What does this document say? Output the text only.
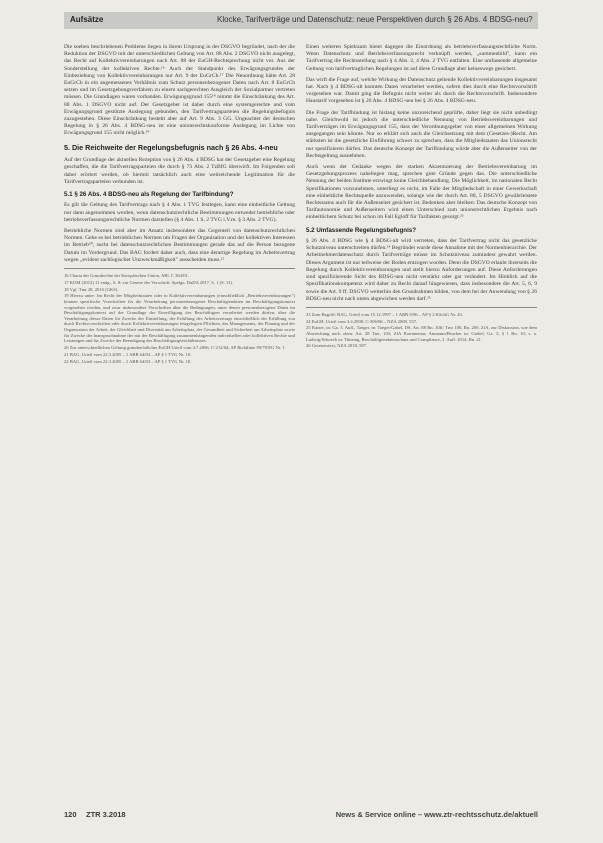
Aufsätze	Klocke, Tarifverträge und Datenschutz: neue Perspektiven durch § 26 Abs. 4 BDSG-neu?

Die soeben beschriebenen Probleme liegen in ihrem Ursprung in der DSGVO begründet, nach der die Reduktion der DSGVO mit der unterschiedlichen Geltung von Art. 88 Abs. 2 DSGVO nicht ausgelegt, das Recht auf Kollektivvereinbarungen nach Art. 88 der EuGH-Rechtsprechung nicht vor. Aus der Sonderstellung der kollektiven Rechte.¹⁶ Auch der Standpunkt des Erwägungsgrundes der Einbeziehung von Kollektivvereinbarungen nur Art. 9 der EuGrCh.¹⁷ Die Neuordnung hätte Art. 28 EuGrCh in ein angemessenes Verhältnis zum Schutz personenbezogener Daten nach Art. 8 EuGrCh setzen und im Gesetzgebungsverfahren zu einem sachgerechten Ausgleich der Sozialpartner vertreten müssen. Die Grundlagen waren vorhanden. Erwägungsgrund 155¹⁸ nimmt die Einschränkung des Art. 88 Abs. 1 DSGVO nicht auf. Der Gesetzgeber ist daher durch eine systemgerechte und vom Erwägungsgrund gestützte Auslegung gebunden, den Tarifvertragsparteien die Regelungsbefugnis zuzugestehen. Diese Einschränkung besteht aber auf Art. 9 Abs. 3 GG. Ungeachtet der deutschen Regelung in § 26 Abs. 4 BDSG-neu ist eine unionsrechtskonforme Auslegung im Lichte von Erwägungsgrund 155 nicht möglich.¹⁹

5. Die Reichweite der Regelungsbefugnis nach § 26 Abs. 4-neu

Auf der Grundlage der aktuellen Rezeption von § 26 Abs. 4 BDSG hat der Gesetzgeber eine Regelung geschaffen, die die Tarifvertragsparteien die durch § 73 Abs. 2 TzBfG überwirft. Im Folgenden soll daher erörtert werden, ob hiermit tatsächlich auch eine weitreichende Legitimation für die Tarifvertragsparteien verbunden ist.

5.1 § 26 Abs. 4 BDSG-neu als Regelung der Tarifbindung?

Es gilt die Geltung des Tarifvertrags nach § 4 Abs. 1 TVG festlegen, kann eine einheitliche Geltung nur dann angenommen werden, wenn datenschutzrechtliche Bestimmungen entweder betriebliche oder betriebsverfassungsrechtliche Normen darstellen (§ 4 Abs. 1 S. 2 TVG i.V.m. § 3 Abs. 2 TVG).

Betriebliche Normen sind aber im Ansatz insbesondere das Gegenteil von datenschutzrechtlichen Normen. Gehe es bei betrieblichen Normen um Fragen der Organisation und der kollektiven Interessen im Betrieb²⁰, sucht bei datenschutzrechtlichen Bestimmungen gerade das auf die Person bezogene Datum im Vordergrund. Das BAG fordert daher auch, dass eine derartige Regelung im Arbeitsvertrag wegen „evident sachlogischer Unzweckmäßigkeit" ausscheiden muss.²¹

16 Charta der Grundrechte der Europäischen Union, ABl. C 364/01.
17 KOM (2012) 11 endg., S. 8; zur Genese der Vorschrift: Spelge, DuDA 2017, S. 1 (S. 11).
18 Vgl. Tmr 28, 2016 (GKS).
19 Hierzu unter: Im Recht der Mitgliedstaaten oder in Kollektivvereinbarungen (einschließlich „Betriebsvereinbarungen") können spezifische Vorschriften für die Verarbeitung personenbezogener Beschäftigtendaten im Beschäftigungskontext vorgesehen werden, und zwar insbesondere Vorschriften über die Bedingungen, unter denen personenbezogene Daten im Beschäftigungskontext auf der Grundlage der Einwilligung des Beschäftigten verarbeitet werden dürfen, über die Verarbeitung dieser Daten für Zwecke der Einstellung, der Erfüllung des Arbeitsvertrags einschließlich der Erfüllung von durch Rechtsvorschriften oder durch Kollektivvereinbarungen festgelegten Pflichten, des Managements, der Planung und der Organisation der Arbeit, der Gleichheit und Diversität am Arbeitsplatz, der Gesundheit und Sicherheit am Arbeitsplatz sowie für Zwecke der Inanspruchnahme der mit der Beschäftigung zusammenhängenden individuellen oder kollektiven Rechte und Leistungen und für Zwecke der Beendigung des Beschäftigungsverhältnisses.
20 Zur unterschiedlichen Geltung grundrechtlicher EuGH Urteil vom 4.7.2006, C-212/04, AP Richtlinie 99/70/EG Nr. 1.
21 BAG, Urteil vom 22.3.2005 – 1 ABR 64/03 – AP § 1 TVG Nr. 10.
22 BAG, Urteil vom 22.3.2005 – 1 ABR 64/03 – AP § 1 TVG Nr. 10.

Einen weiteren Spielraum bietet dagegen die Einordnung als betriebsverfassungsrechtliche Norm. Wenn Datenschutz und Betriebsverfassungsrecht verknüpft werden, „summenbild", kann ein Tarifvertrag die Rechtsstellung nach § 4 Abs. 2, 4 Abs. 2 TVG entfalten. Eine umfassende allgemeine Geltung von tarifvertraglichen Regelungen ist auf diese Grundlage aber keineswegs gesichert.

Das wirft die Frage auf, welche Wirkung der Datenschutz geltende Kollektivvereinbarungen insgesamt hat. Nach § 4 BDSG-alt konnten Daten verarbeitet werden, sofern dies durch eine Rechtsvorschrift vorgesehen war. Damit ging die Befugnis nicht weiter als durch die Rechtsvorschrift. Insbesondere Haustarif vorgesehen ist § 26 Abs. 4 BDSG-neu bei § 26 Abs. 4 BDSG-neu.

Die Frage der Tarifbindung ist bislang keine unzureichend geprüfte, daher liegt sie nicht unbedingt nahe. Gleichwohl ist jedoch die unterschiedliche Nennung von Betriebsvereinbarungen und Tarifverträgen im Erwägungsgrund 155, dass der Verordnungsgeber von einer allgemeinen Wirkung ausgegangen sein könnte. Nur so erklärt sich auch die Gleichsetzung mit dem (Gesetzes-)Recht. Am stärksten ist die gesetzliche Einführung schwer zu sprechen, dass die Mitgliedstaaten das Unionsrecht nur spezifizieren dürfen. Das deutsche Konzept der Tarifbindung würde aber die Außenseiter von der Rechtsgeltung ausnehmen.

Auch wenn der Gedanke wegen der starken Akzentuierung der Betriebsvereinbarung im Gesetzgebungsprozess naheliegen mag, sprechen gute Gründe gegen das. Die unterschiedliche Nennung der beiden Institute erzwingt keine Gleichbehandlung. Die Möglichkeit, im nationalen Recht Spezifikationen vorzunehmen, unterliegt es nicht, im Falle der Mitgliedschaft in einer Gewerkschaft eine einheitliche Rechtsquelle anzuwenden, solange wie der durch Art. 88, 5 DSGVO gewährleistete Rechtsstatus auch für die Außenseiter gesichert ist. Bedenken aber bleiben: Das deutsche Konzept von Tarifautonomie und Außenseitern wird einen Unterschied zum unionsrechtlichen Ergebnis nach einheitlichem Schutz bei schon im Fall Egloff für Tarifakten gesorgt.²³

5.2 Umfassende Regelungsbefugnis?

§ 26 Abs. 4 BDSG wie § 4 BDSG-alt wird vertreten, dass der Tarifvertrag nicht das gesetzliche Schutzniveau unterschreiten dürfen.²⁴ Begründet wurde diese Annahme mit der Normenhierarchie. Der Arbeitnehmerdatenschutz durch Tarifverträge müsse im Schutzniveau zumindest gewahrt werden. Dieses Argument ist nur teilweise der Boden entzogen worden. Denn die DSGVO erlaubt ihrerseits die Regelung durch Kollektivvereinbarungen und stellt hierzu Anforderungen auf. Diese Anforderungen sind spezifizierende Sicht des BDSG-neu nicht verstärkt oder gar verändert. Im Hinblick auf die Spezifikationskompetenz wird daher zu Recht darauf hingewiesen, dass insbesondere die Art. 5, 6, 9 sowie die Art. 9 ff. DSGVO weiterhin den Grundrahmen bilden, von dem bei der Anwendung von § 26 BDSG-neu nicht nach unten abgewichen werden darf.²⁵

23 Zum Begriff: BAG, Urteil vom 15.12.1997 – 1 ABR 9/96 – AP § 2 KSchG Nr. 43.
24 EuGH, Urteil vom 3.4.2008, C-306/06 – NZA 2008, 537.
25 Kaiser, in: Ga. 5. Aufl., Taeger, in: Taeger/Gabel, DS, Art. 88 Rn. 10ff; Tmr 100, Rn. 200, ZfA, zur Diskussion, wie dem Abweichung nach oben: Art. 28 Tmr, 103; ZfA Kommentar, Ammann/Brucker in: Giebel, Ga. 5, § 1 Rn. 10; s. a. Ludwig/Schoeck in: Thüsing, Beschäftigtendatenschutz und Compliance, 2. Aufl. 2014, Rn. 21.
26 Gesetzestext, NZA 2018, 587.
120 ZTR 3.2018	News & Service online – www.ztr-rechtsschutz.de/aktuell
